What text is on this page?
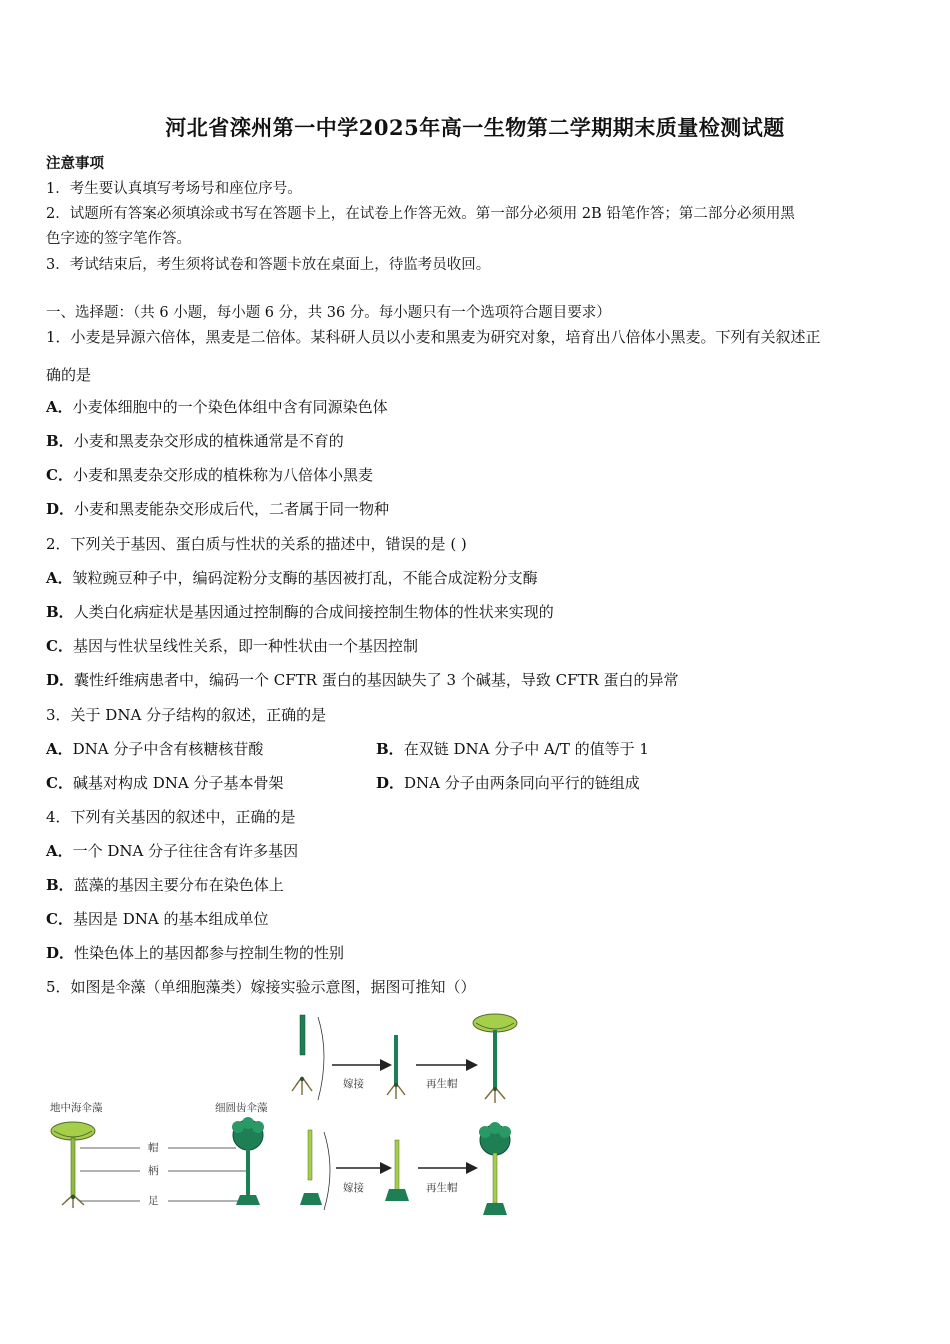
河北省滦州第一中学2025年高一生物第二学期期末质量检测试题
注意事项
1．考生要认真填写考场号和座位序号。
2．试题所有答案必须填涂或书写在答题卡上，在试卷上作答无效。第一部分必须用 2B 铅笔作答；第二部分必须用黑
色字迹的签字笔作答。
3．考试结束后，考生须将试卷和答题卡放在桌面上，待监考员收回。
一、选择题：（共 6 小题，每小题 6 分，共 36 分。每小题只有一个选项符合题目要求）
1．小麦是异源六倍体，黑麦是二倍体。某科研人员以小麦和黑麦为研究对象，培育出八倍体小黑麦。下列有关叙述正
确的是
A．小麦体细胞中的一个染色体组中含有同源染色体
B．小麦和黑麦杂交形成的植株通常是不育的
C．小麦和黑麦杂交形成的植株称为八倍体小黑麦
D．小麦和黑麦能杂交形成后代，二者属于同一物种
2．下列关于基因、蛋白质与性状的关系的描述中，错误的是 ( )
A．皱粒豌豆种子中，编码淀粉分支酶的基因被打乱，不能合成淀粉分支酶
B．人类白化病症状是基因通过控制酶的合成间接控制生物体的性状来实现的
C．基因与性状呈线性关系，即一种性状由一个基因控制
D．囊性纤维病患者中，编码一个 CFTR 蛋白的基因缺失了 3 个碱基，导致 CFTR 蛋白的异常
3．关于 DNA 分子结构的叙述，正确的是
A．DNA 分子中含有核糖核苷酸	B．在双链 DNA 分子中 A/T 的值等于 1
C．碱基对构成 DNA 分子基本骨架	D．DNA 分子由两条同向平行的链组成
4．下列有关基因的叙述中，正确的是
A．一个 DNA 分子往往含有许多基因
B．蓝藻的基因主要分布在染色体上
C．基因是 DNA 的基本组成单位
D．性染色体上的基因都参与控制生物的性别
5．如图是伞藻（单细胞藻类）嫁接实验示意图，据图可推知（）
地中海伞藻	细圆齿伞藻
帽
柄
足
嫁接	再生帽
嫁接	再生帽
